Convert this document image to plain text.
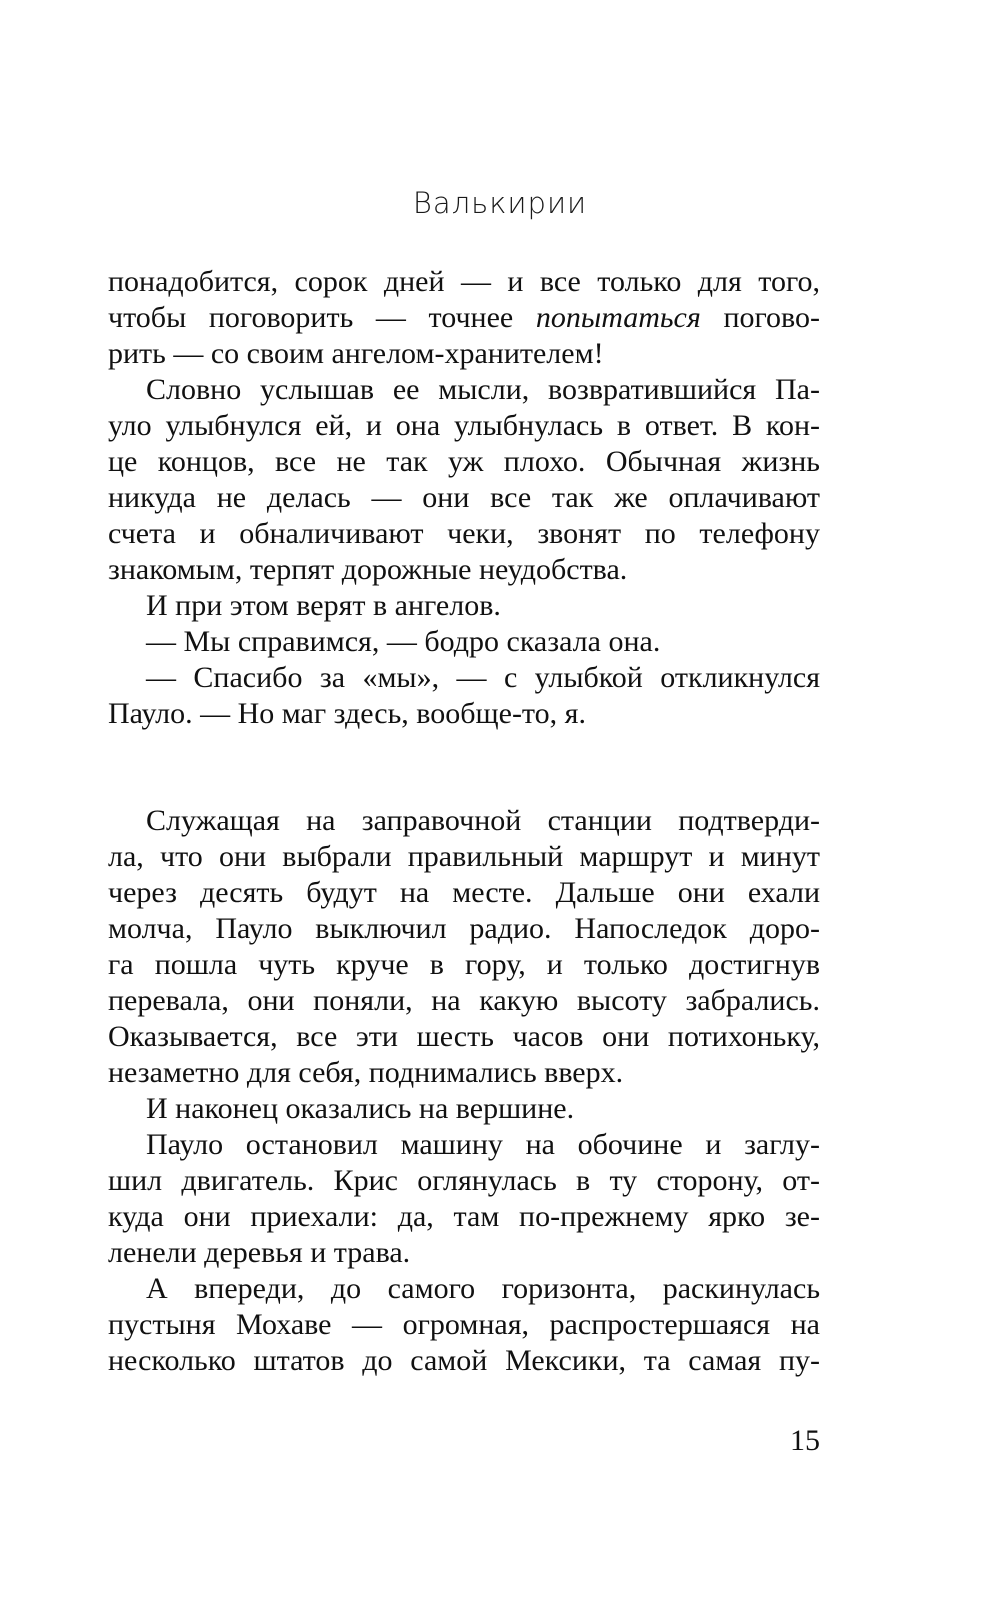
Валькирии
понадобится, сорок дней — и все только для того,
чтобы поговорить — точнее попытаться погово-
рить — со своим ангелом-хранителем!
Словно услышав ее мысли, возвратившийся Па-
уло улыбнулся ей, и она улыбнулась в ответ. В кон-
це концов, все не так уж плохо. Обычная жизнь
никуда не делась — они все так же оплачивают
счета и обналичивают чеки, звонят по телефону
знакомым, терпят дорожные неудобства.
И при этом верят в ангелов.
— Мы справимся, — бодро сказала она.
— Спасибо за «мы», — с улыбкой откликнулся
Пауло. — Но маг здесь, вообще-то, я.
Служащая на заправочной станции подтверди-
ла, что они выбрали правильный маршрут и минут
через десять будут на месте. Дальше они ехали
молча, Пауло выключил радио. Напоследок доро-
га пошла чуть круче в гору, и только достигнув
перевала, они поняли, на какую высоту забрались.
Оказывается, все эти шесть часов они потихоньку,
незаметно для себя, поднимались вверх.
И наконец оказались на вершине.
Пауло остановил машину на обочине и заглу-
шил двигатель. Крис оглянулась в ту сторону, от-
куда они приехали: да, там по-прежнему ярко зе-
ленели деревья и трава.
А впереди, до самого горизонта, раскинулась
пустыня Мохаве — огромная, распростершаяся на
несколько штатов до самой Мексики, та самая пу-
15
